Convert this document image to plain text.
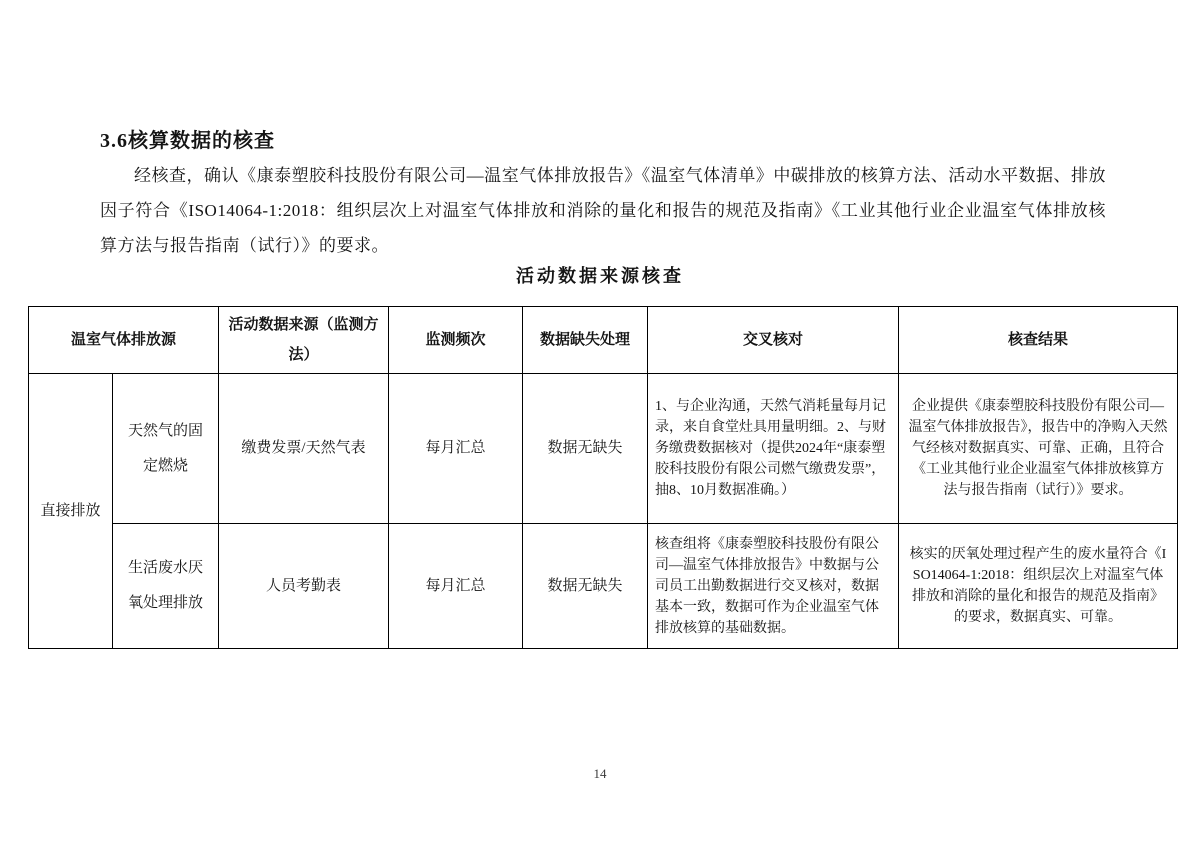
3.6核算数据的核查
经核查，确认《康泰塑胶科技股份有限公司—温室气体排放报告》《温室气体清单》中碳排放的核算方法、活动水平数据、排放因子符合《ISO14064-1:2018：组织层次上对温室气体排放和消除的量化和报告的规范及指南》《工业其他行业企业温室气体排放核算方法与报告指南（试行）》的要求。
活动数据来源核查
温室气体排放源		活动数据来源（监测方法）	监测频次	数据缺失处理	交叉核对	核查结果
直接排放	天然气的固定燃烧	缴费发票/天然气表	每月汇总	数据无缺失	1、与企业沟通，天然气消耗量每月记录，来自食堂灶具用量明细。2、与财务缴费数据核对（提供2024年“康泰塑胶科技股份有限公司燃气缴费发票”，抽8、10月数据准确。）	企业提供《康泰塑胶科技股份有限公司—温室气体排放报告》，报告中的净购入天然气经核对数据真实、可靠、正确，且符合《工业其他行业企业温室气体排放核算方法与报告指南（试行）》要求。
	生活废水厌氧处理排放	人员考勤表	每月汇总	数据无缺失	核查组将《康泰塑胶科技股份有限公司—温室气体排放报告》中数据与公司员工出勤数据进行交叉核对，数据基本一致，数据可作为企业温室气体排放核算的基础数据。	核实的厌氧处理过程产生的废水量符合《ISO14064-1:2018：组织层次上对温室气体排放和消除的量化和报告的规范及指南》的要求，数据真实、可靠。
14
